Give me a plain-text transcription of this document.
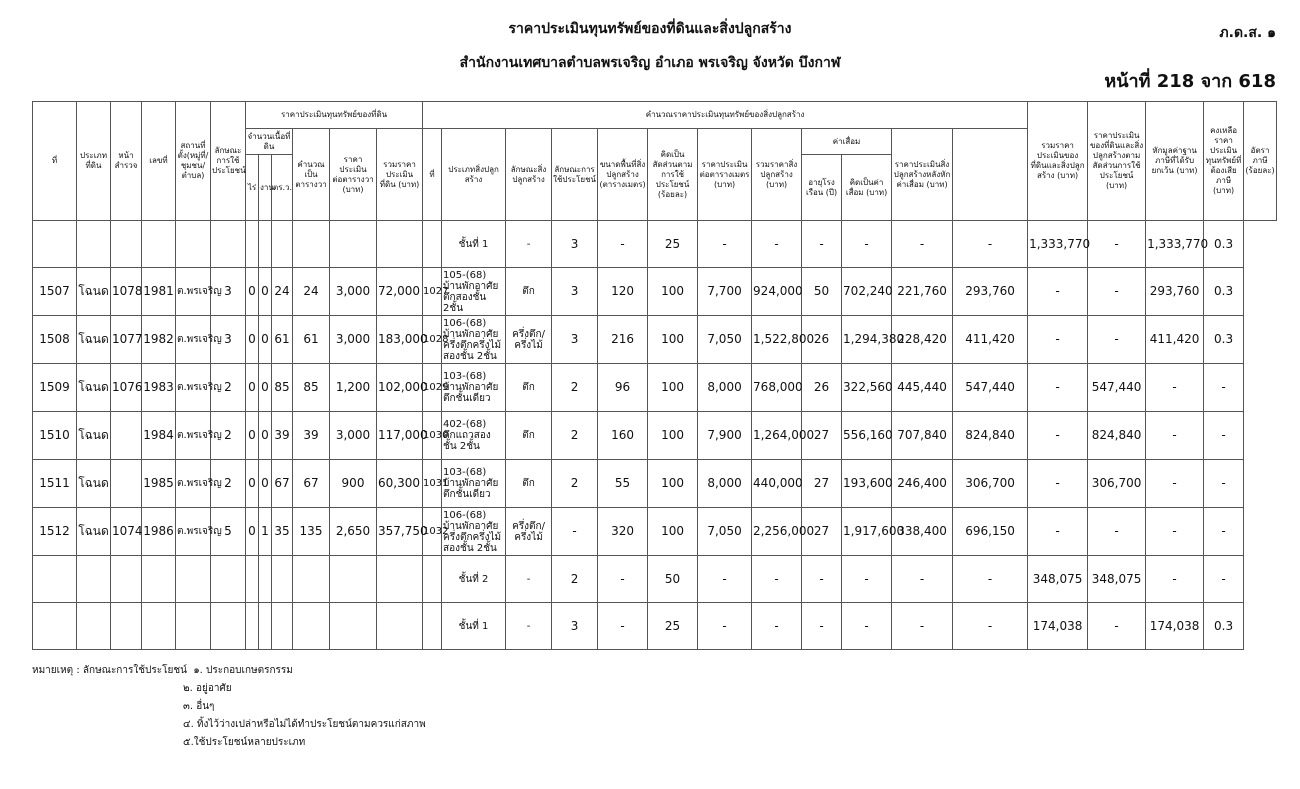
ราคาประเมินทุนทรัพย์ของที่ดินและสิ่งปลูกสร้าง
สำนักงานเทศบาลตำบลพรเจริญ อำเภอ พรเจริญ จังหวัด บึงกาฬ
ภ.ด.ส. ๑
หน้าที่ 218 จาก 618
ที่	ประเภทที่ดิน	หน้าสำรวจ	เลขที่	สถานที่ตั้ง(หมู่ที่/ชุมชน/ตำบล)	ลักษณะการใช้ประโยชน์	ราคาประเมินทุนทรัพย์ของที่ดิน						คำนวณราคาประเมินทุนทรัพย์ของสิ่งปลูกสร้าง												รวมราคาประเมินของที่ดินและสิ่งปลูกสร้าง (บาท)	ราคาประเมินของที่ดินและสิ่งปลูกสร้างตามสัดส่วนการใช้ประโยชน์ (บาท)	หักมูลค่าฐานภาษีที่ได้รับยกเว้น (บาท)	คงเหลือราคาประเมินทุนทรัพย์ที่ต้องเสียภาษี (บาท)	อัตราภาษี (ร้อยละ)
						จำนวนเนื้อที่ดิน			คำนวณเป็นตารางวา	ราคาประเมินต่อตารางวา (บาท)	รวมราคาประเมินที่ดิน (บาท)	ที่	ประเภทสิ่งปลูกสร้าง	ลักษณะสิ่งปลูกสร้าง	ลักษณะการใช้ประโยชน์	ขนาดพื้นที่สิ่งปลูกสร้าง (ตารางเมตร)	คิดเป็นสัดส่วนตามการใช้ประโยชน์ (ร้อยละ)	ราคาประเมินต่อตารางเมตร (บาท)	รวมราคาสิ่งปลูกสร้าง (บาท)	ค่าเสื่อม		ราคาประเมินสิ่งปลูกสร้างหลังหักค่าเสื่อม (บาท)						
						ไร่	งาน	ตร.ว.												อายุโรงเรือน (ปี)	คิดเป็นค่าเสื่อม (บาท)							
													ชั้นที่ 1	-	3	-	25	-	-	-	-	-	-	1,333,770	-	1,333,770	0.3	
1507	โฉนด	1078	1981	ต.พรเจริญ	3	0	0	24	24	3,000	72,000	1027	105-(68) บ้านพักอาศัยตึกสองชั้น 2ชั้น	ตึก	3	120	100	7,700	924,000	50	702,240	221,760	293,760	-	-	293,760	0.3	
1508	โฉนด	1077	1982	ต.พรเจริญ	3	0	0	61	61	3,000	183,000	1028	106-(68) บ้านพักอาศัยครึ่งตึกครึ่งไม้สองชั้น 2ชั้น	ครึ่งตึก/ครึ่งไม้	3	216	100	7,050	1,522,800	26	1,294,380	228,420	411,420	-	-	411,420	0.3	
1509	โฉนด	1076	1983	ต.พรเจริญ	2	0	0	85	85	1,200	102,000	1029	103-(68) บ้านพักอาศัยตึกชั้นเดียว	ตึก	2	96	100	8,000	768,000	26	322,560	445,440	547,440	-	547,440	-	-	
1510	โฉนด		1984	ต.พรเจริญ	2	0	0	39	39	3,000	117,000	1030	402-(68) ตึกแถวสองชั้น 2ชั้น	ตึก	2	160	100	7,900	1,264,000	27	556,160	707,840	824,840	-	824,840	-	-	
1511	โฉนด		1985	ต.พรเจริญ	2	0	0	67	67	900	60,300	1031	103-(68) บ้านพักอาศัยตึกชั้นเดียว	ตึก	2	55	100	8,000	440,000	27	193,600	246,400	306,700	-	306,700	-	-	
1512	โฉนด	1074	1986	ต.พรเจริญ	5	0	1	35	135	2,650	357,750	1032	106-(68) บ้านพักอาศัยครึ่งตึกครึ่งไม้สองชั้น 2ชั้น	ครึ่งตึก/ครึ่งไม้	-	320	100	7,050	2,256,000	27	1,917,600	338,400	696,150	-	-	-	-	
													ชั้นที่ 2	-	2	-	50	-	-	-	-	-	-	348,075	348,075	-	-	
													ชั้นที่ 1	-	3	-	25	-	-	-	-	-	-	174,038	-	174,038	0.3	
หมายเหตุ : ลักษณะการใช้ประโยชน์ ๑. ประกอบเกษตรกรรม
๒. อยู่อาศัย
๓. อื่นๆ
๔. ทิ้งไว้ว่างเปล่าหรือไม่ได้ทำประโยชน์ตามควรแก่สภาพ
๕.ใช้ประโยชน์หลายประเภท
